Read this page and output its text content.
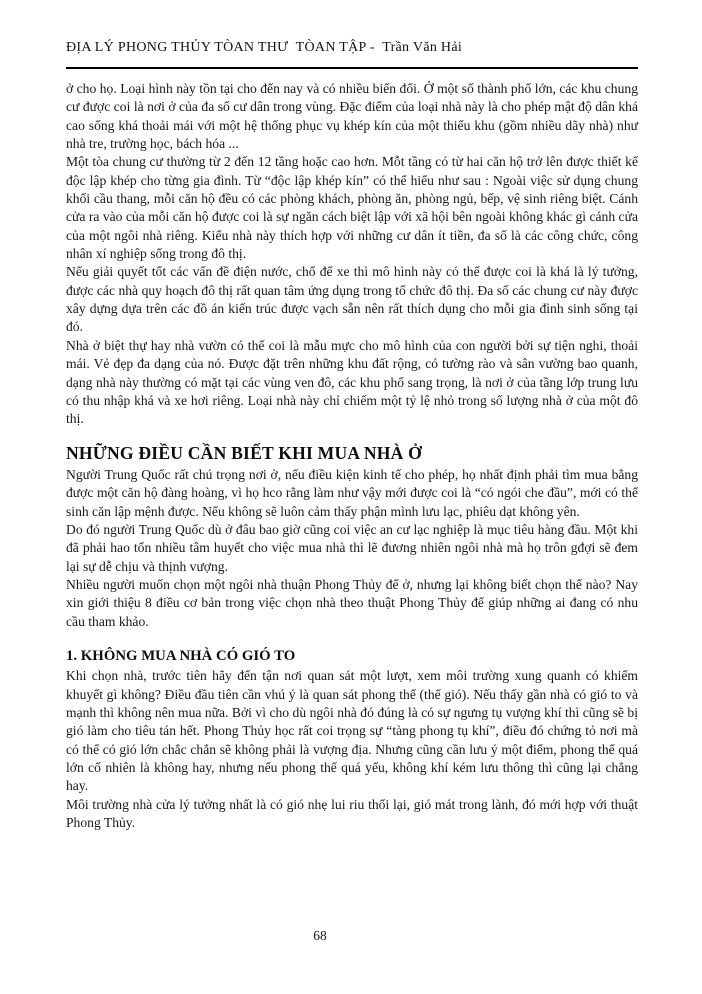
ĐỊA LÝ PHONG THỦY TÒAN THƯ  TÒAN TẬP -  Trần Văn Hải

ở cho họ. Loại hình này tồn tại cho đến nay và có nhiều biến đổi. Ở một số thành phố lớn, các khu chung cư được coi là nơi ở của đa số cư dân trong vùng. Đặc điểm của loại nhà này là cho phép mật độ dân khá cao sống khá thoải mái với một hệ thống phục vụ khép kín của một thiểu khu (gồm nhiều dãy nhà) như nhà tre, trường học, bách hóa ...

Một tòa chung cư thường từ 2 đến 12 tầng hoặc cao hơn. Mỗt tầng có từ hai căn hộ trở lên được thiết kế độc lập khép cho từng gia đình. Từ “độc lập khép kín” có thể hiểu như sau : Ngoài việc sử dụng chung khối cầu thang, mỗi căn hộ đều có các phòng khách, phòng ăn, phòng ngủ, bếp, vệ sinh riêng biệt. Cánh cửa ra vào của mỗi căn hộ được coi là sự ngăn cách biệt lập với xã hội bên ngoài không khác gì cánh cửa của một ngôi nhà riêng. Kiểu nhà này thích hợp với những cư dân ít tiền, đa số là các công chức, công nhân xí nghiệp sống trong đô thị.

Nếu giải quyết tốt các vấn đề điện nước, chổ để xe thì mô hình này có thể được coi là khá là lý tưởng, được các nhà quy hoạch đô thị rất quan tâm ứng dụng trong tổ chức đô thị. Đa số các chung cư này được xây dựng dựa trên các đồ án kiến trúc được vạch sẵn nên rất thích dụng cho mỗi gia đình sinh sống tại đó.

Nhà ở biệt thự hay nhà vườn có thể coi là mẫu mực cho mô hình của con người bởi sự tiện nghi, thoải mái. Vẻ đẹp đa dạng của nó. Được đặt trên những khu đất rộng, có tường rào và sân vường bao quanh, dạng nhà này thường có mặt tại các vùng ven đô, các khu phố sang trọng, là nơi ở của tầng lớp trung lưu có thu nhập khá và xe hơi riêng. Loại nhà này chỉ chiếm một tỷ lệ nhỏ trong số lượng nhà ở của một đô thị.

NHỮNG ĐIỀU CẦN BIẾT KHI MUA NHÀ Ở

Người Trung Quốc rất chú trọng nơi ở, nếu điều kiện kinh tế cho phép, họ nhất định phải tìm mua bằng được một căn hộ đàng hoàng, vì họ hco rằng làm như vậy mới được coi là “có ngói che đầu”, mới có thể sinh căn lập mệnh được. Nếu không sẽ luôn cảm thấy phận mình lưu lạc, phiêu dạt không yên.

Do đó người Trung Quốc dù ở đâu bao giờ cũng coi việc an cư lạc nghiệp là mục tiêu hàng đầu. Một khi đã phải hao tổn nhiều tâm huyết cho việc mua nhà thì lẽ đương nhiên ngôi nhà mà họ trôn gđợi sẽ đem lại sự dễ chịu và thịnh vượng.

Nhiều người muốn chọn một ngôi nhà thuận Phong Thủy để ở, nhưng lại không biết chọn thế nào? Nay xin giới thiệu 8 điều cơ bản trong việc chọn nhà theo thuật Phong Thủy để giúp những ai đang có nhu cầu tham khảo.

1. KHÔNG MUA NHÀ CÓ GIÓ TO

Khi chọn nhà, trước tiên hãy đến tận nơi quan sát một lượt, xem môi trường xung quanh có khiếm khuyết gì không? Điều đầu tiên cần vhú ý là quan sát phong thế (thế gió). Nếu thấy gần nhà có gió to và mạnh thì không nên mua nữa. Bởi vì cho dù ngôi nhà đó đúng là có sự ngưng tụ vượng khí thì cũng sẽ bị gió làm cho tiêu tán hết. Phong Thủy học rất coi trọng sự “tàng phong tụ khí”, điều đó chứng tỏ nơi mà có thể có gió lớn chắc chắn sẽ không phải là vượng địa. Nhưng cũng cần lưu ý một điểm, phong thế quá lớn cố nhiên là không hay, nhưng nếu phong thế quá yếu, không khí kém lưu thông thì cũng lại chẳng hay.

Môi trường nhà cửa lý tưởng nhất là có gió nhẹ lui riu thổi lại, gió mát trong lành, đó mới hợp với thuật Phong Thủy.

68
